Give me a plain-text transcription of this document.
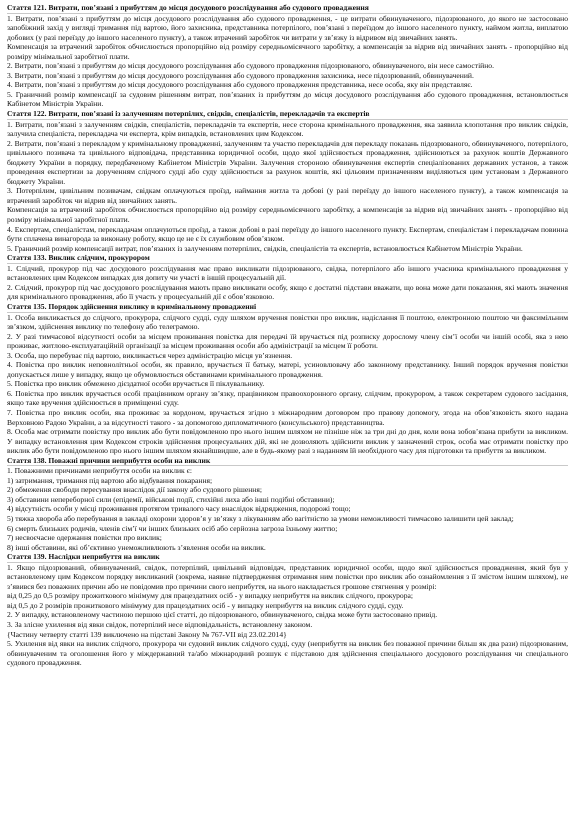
Стаття 121. Витрати, пов’язані з прибуттям до місця досудового розслідування або судового провадження
1. Витрати, пов’язані з прибуттям до місця досудового розслідування або судового провадження, - це витрати обвинуваченого, підозрюваного, до якого не застосовано запобіжний захід у вигляді тримання під вартою, його захисника, представника потерпілого, пов’язані з переїздом до іншого населеного пункту, наймом житла, виплатою добових (у разі переїзду до іншого населеного пункту), а також втрачений заробіток чи витрати у зв’язку із відривом від звичайних занять.
Компенсація за втрачений заробіток обчислюється пропорційно від розміру середньомісячного заробітку, а компенсація за відрив від звичайних занять - пропорційно від розміру мінімальної заробітної плати.
2. Витрати, пов’язані з прибуттям до місця досудового розслідування або судового провадження підозрюваного, обвинуваченого, він несе самостійно.
3. Витрати, пов’язані з прибуттям до місця досудового розслідування або судового провадження захисника, несе підозрюваний, обвинувачений.
4. Витрати, пов’язані з прибуттям до місця досудового розслідування або судового провадження представника, несе особа, яку він представляє.
5. Граничний розмір компенсації за судовим рішенням витрат, пов’язаних із прибуттям до місця досудового розслідування або судового провадження, встановлюється Кабінетом Міністрів України.
Стаття 122. Витрати, пов’язані із залученням потерпілих, свідків, спеціалістів, перекладачів та експертів
1. Витрати, пов’язані з залученням свідків, спеціалістів, перекладачів та експертів, несе сторона кримінального провадження, яка заявила клопотання про виклик свідків, залучила спеціаліста, перекладача чи експерта, крім випадків, встановлених цим Кодексом.
2. Витрати, пов’язані з перекладом у кримінальному провадженні, залученням та участю перекладачів для перекладу показань підозрюваного, обвинуваченого, потерпілого, цивільного позивача та цивільного відповідача, представника юридичної особи, щодо якої здійснюється провадження, здійснюються за рахунок коштів Державного бюджету України в порядку, передбаченому Кабінетом Міністрів України. Залучення стороною обвинувачення експертів спеціалізованих державних установ, а також проведення експертизи за дорученням слідчого судді або суду здійснюється за рахунок коштів, які цільовим призначенням виділяються цим установам з Державного бюджету України.
3. Потерпілим, цивільним позивачам, свідкам оплачуються проїзд, наймання житла та добові (у разі переїзду до іншого населеного пункту), а також компенсація за втрачений заробіток чи відрив від звичайних занять.
Компенсація за втрачений заробіток обчислюється пропорційно від розміру середньомісячного заробітку, а компенсація за відрив від звичайних занять - пропорційно від розміру мінімальної заробітної плати.
4. Експертам, спеціалістам, перекладачам оплачуються проїзд, а також добові в разі переїзду до іншого населеного пункту. Експертам, спеціалістам і перекладачам повинна бути сплачена винагорода за виконану роботу, якщо це не є їх службовим обов’язком.
5. Граничний розмір компенсації витрат, пов’язаних із залученням потерпілих, свідків, спеціалістів та експертів, встановлюється Кабінетом Міністрів України.
Стаття 133. Виклик слідчим, прокурором
1. Слідчий, прокурор під час досудового розслідування має право викликати підозрюваного, свідка, потерпілого або іншого учасника кримінального провадження у встановлених цим Кодексом випадках для допиту чи участі в іншій процесуальній дії.
2. Слідчий, прокурор під час досудового розслідування мають право викликати особу, якщо є достатні підстави вважати, що вона може дати показання, які мають значення для кримінального провадження, або її участь у процесуальній дії є обов’язковою.
Стаття 135. Порядок здійснення виклику в кримінальному провадженні
1. Особа викликається до слідчого, прокурора, слідчого судді, суду шляхом вручення повістки про виклик, надіслання її поштою, електронною поштою чи факсимільним зв’язком, здійснення виклику по телефону або телеграмою.
2. У разі тимчасової відсутності особи за місцем проживання повістка для передачі їй вручається під розписку дорослому члену сім’ї особи чи іншій особі, яка з нею проживає, житлово-експлуатаційній організації за місцем проживання особи або адміністрації за місцем її роботи.
3. Особа, що перебуває під вартою, викликається через адміністрацію місця ув’язнення.
4. Повістка про виклик неповнолітньої особи, як правило, вручається її батьку, матері, усиновлювачу або законному представнику. Інший порядок вручення повістки допускається лише у випадку, якщо це обумовлюється обставинами кримінального провадження.
5. Повістка про виклик обмежено дієздатної особи вручається її піклувальнику.
6. Повістка про виклик вручається особі працівником органу зв’язку, працівником правоохоронного органу, слідчим, прокурором, а також секретарем судового засідання, якщо таке вручення здійснюється в приміщенні суду.
7. Повістка про виклик особи, яка проживає за кордоном, вручається згідно з міжнародним договором про правову допомогу, згода на обов’язковість якого надана Верховною Радою України, а за відсутності такого - за допомогою дипломатичного (консульського) представництва.
8. Особа має отримати повістку про виклик або бути повідомленою про нього іншим шляхом не пізніше ніж за три дні до дня, коли вона зобов’язана прибути за викликом. У випадку встановлення цим Кодексом строків здійснення процесуальних дій, які не дозволяють здійснити виклик у зазначений строк, особа має отримати повістку про виклик або бути повідомленою про нього іншим шляхом якнайшвидше, але в будь-якому разі з наданням їй необхідного часу для підготовки та прибуття за викликом.
Стаття 138. Поважні причини неприбуття особи на виклик
1. Поважними причинами неприбуття особи на виклик є:
1) затримання, тримання під вартою або відбування покарання;
2) обмеження свободи пересування внаслідок дії закону або судового рішення;
3) обставини непереборної сили (епідемії, військові події, стихійні лиха або інші подібні обставини);
4) відсутність особи у місці проживання протягом тривалого часу внаслідок відрядження, подорожі тощо;
5) тяжка хвороба або перебування в закладі охорони здоров’я у зв’язку з лікуванням або вагітністю за умови неможливості тимчасово залишити цей заклад;
6) смерть близьких родичів, членів сім’ї чи інших близьких осіб або серйозна загроза їхньому життю;
7) несвоєчасне одержання повістки про виклик;
8) інші обставини, які об’єктивно унеможливлюють з’явлення особи на виклик.
Стаття 139. Наслідки неприбуття на виклик
1. Якщо підозрюваний, обвинувачений, свідок, потерпілий, цивільний відповідач, представник юридичної особи, щодо якої здійснюється провадження, який був у встановленому цим Кодексом порядку викликаний (зокрема, наявне підтвердження отримання ним повістки про виклик або ознайомлення з її змістом іншим шляхом), не з’явився без поважних причин або не повідомив про причини свого неприбуття, на нього накладається грошове стягнення у розмірі:
від 0,25 до 0,5 розміру прожиткового мінімуму для працездатних осіб - у випадку неприбуття на виклик слідчого, прокурора;
від 0,5 до 2 розмірів прожиткового мінімуму для працездатних осіб - у випадку неприбуття на виклик слідчого судді, суду.
2. У випадку, встановленому частиною першою цієї статті, до підозрюваного, обвинуваченого, свідка може бути застосовано привід.
3. За злісне ухилення від явки свідок, потерпілий несе відповідальність, встановлену законом.
{Частину четверту статті 139 виключено на підставі Закону № 767-VII від 23.02.2014}
5. Ухилення від явки на виклик слідчого, прокурора чи судовий виклик слідчого судді, суду (неприбуття на виклик без поважної причини більш як два рази) підозрюваним, обвинуваченим та оголошення його у міждержавний та/або міжнародний розшук є підставою для здійснення спеціального досудового розслідування чи спеціального судового провадження.
